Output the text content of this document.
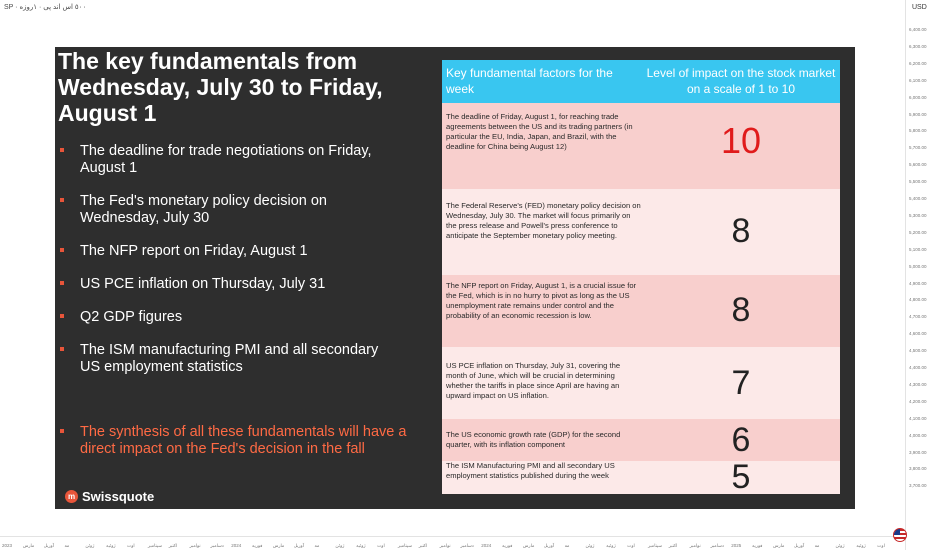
SP · ٥٠٠ اس اند پی · ۱روزه	USD
6,400.00
6,300.00
6,200.00
6,100.00
6,000.00
5,900.00
5,800.00
5,700.00
5,600.00
5,500.00
5,400.00
5,300.00
5,200.00
5,100.00
5,000.00
4,900.00
4,800.00
4,700.00
4,600.00
4,500.00
4,400.00
4,300.00
4,200.00
4,100.00
4,000.00
3,900.00
3,800.00
3,700.00
2023 مارس آوریل مه	ژوئن	ژوئیه	اوت	سپتامبر اکتبر	نوامبر دسامبر 2024 فوریه مارس آوریل مه	ژوئن	ژوئیه	اوت	سپتامبر اکتبر	نوامبر دسامبر 2024 فوریه مارس آوریل مه	ژوئن	ژوئیه	اوت	سپتامبر اکتبر	نوامبر دسامبر 2025 فوریه مارس آوریل مه	ژوئن	ژوئیه	اوت
The key fundamentals from Wednesday, July 30 to Friday, August 1
The deadline for trade negotiations on Friday, August 1
The Fed's monetary policy decision on Wednesday, July 30
The NFP report on Friday, August 1
US PCE inflation on Thursday, July 31
Q2 GDP figures
The ISM manufacturing PMI and all secondary US employment statistics
The synthesis of all these fundamentals will have a direct impact on the Fed's decision in the fall
m Swissquote
Key fundamental factors for the week
Level of impact on the stock market on a scale of 1 to 10
The deadline of Friday, August 1, for reaching trade agreements between the US and its trading partners (in particular the EU, India, Japan, and Brazil, with the deadline for China being August 12)	10
The Federal Reserve's (FED) monetary policy decision on Wednesday, July 30. The market will focus primarily on the press release and Powell's press conference to anticipate the September monetary policy meeting.	8
The NFP report on Friday, August 1, is a crucial issue for the Fed, which is in no hurry to pivot as long as the US unemployment rate remains under control and the probability of an economic recession is low.	8
US PCE inflation on Thursday, July 31, covering the month of June, which will be crucial in determining whether the tariffs in place since April are having an upward impact on US inflation.	7
The US economic growth rate (GDP) for the second quarter, with its inflation component	6
The ISM Manufacturing PMI and all secondary US employment statistics published during the week	5
